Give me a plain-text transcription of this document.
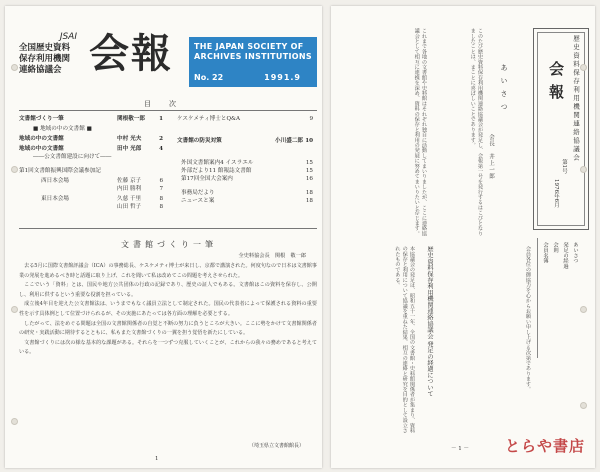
JSAI
全国歴史資料
保存利用機関
連絡協議会 会報	THE JAPAN SOCIETY OF
ARCHIVES INSTITUTIONS
No. 22	1991.9
目次
文書館づくり一筆	関根敬一郎	1
■ 地域の中の文書館 ■
地域の中の文書館	中村 光夫	2
地域の中の文書館	田中 光郎	4
――公文書館建設に向けて――
第1回文書館振興国際会議参加記
西日本会場	佐藤 京子	6
内田 勝利	7
東日本会場	久慈 千里	8
山田 哲子	8
ケスケメティ博士とQ&A	9
文書館の防災対策	小川盛二郎 10
外国文書館案内4 イスラエル	15
外部だより11 館報誌文書館	15
第17回全国大会案内	16
事務局だより	18
ニュースと案	18
文書館づくり一筆
全史料協会長　関根　敬一郎

去る5月に国際文書館評議会（ICA）の事務総長、ケスケメティ博士が来日し、京都で講演された。何度句なので日本は文書館事業の発展を進めるべき時と話題に取り上げ、これを聞いて私は改めてこの問題を考えさせられた。

ここでいう「資料」とは、国民や地方公共団体の行政の記録であり、歴史の証人でもある。文書館はこの資料を保存し、公開し、利用に供するという重要な役割を担っている。

成立後4年目を迎えた公文書館法は、いうまでもなく議員立法として制定された。国民の代表者によって保護される資料の重要性を示す具体例として位置づけられるが、その実施にあたっては各方面の理解を必要とする。

したがって、法をめぐる問題は全国の文書館関係者の自覚と不断の努力に負うところが大きい。ここに勢をかけて文書館関係者の研究・実践活動に期待するとともに、私もまた文書館づくりの一翼を担う覚悟を新たにしている。

文書館づくりには次の様な基本的な課題がある。それらを一つずつ克服していくことが、これからの我々の務めであると考えている。

（埼玉県立文書館館長）
1
歴史資料保存利用機関連絡協議会
会報
第1号
1976年6月
あいさつ
会長　井上一郎
このたび歴史資料保存利用機関連絡協議会が発足し、会報第一号を発行するはこびとなりましたことは、まことに喜ばしいことであります。
これまで各地の文書館や史料館はそれぞれ独自に活動してまいりましたが、ここに連絡協議会として相互に連携を深め、資料の保存と利用の発展に努めてまいりたいと存じます。
歴史資料保存利用機関連絡協議会 発足の経過について
本協議会の発足は、昭和五十一年、全国の文書館・史料館関係者が集まり、資料の保存と利用について協議を重ねた結果、相互の連絡と研究を目的として設立されたものである。	会員各位の御協力を心からお願い申し上げる次第であります。	あいさつ
発足の経過
会則
会員名簿
－ 1 － とらや書店
